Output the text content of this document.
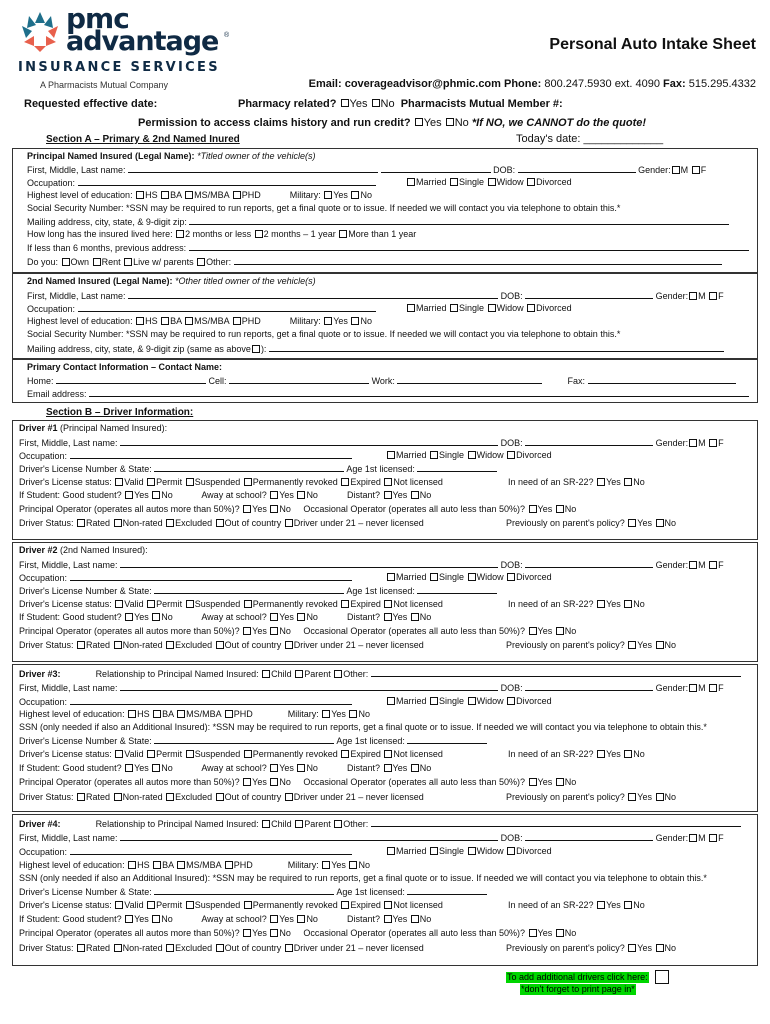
pmc
advantage ®
INSURANCE SERVICES
A Pharmacists Mutual Company
Personal Auto Intake Sheet
Email: coverageadvisor@phmic.com Phone: 800.247.5930 ext. 4090 Fax: 515.295.4332
Requested effective date:	Pharmacy related? Yes No Pharmacists Mutual Member #:
Permission to access claims history and run credit? Yes No *If NO, we CANNOT do the quote!
Section A – Primary & 2nd Named Inured	Today's date: _____________
Principal Named Insured (Legal Name): *Titled owner of the vehicle(s)
First, Middle, Last name:	DOB:	Gender: M F
Occupation:	Married Single Widow Divorced
Highest level of education: HS BA MS/MBA PHD	Military: Yes No
Social Security Number: *SSN may be required to run reports, get a final quote or to issue. If needed we will contact you via telephone to obtain this.*
Mailing address, city, state, & 9-digit zip:
How long has the insured lived here: 2 months or less 2 months – 1 year More than 1 year
If less than 6 months, previous address:
Do you: Own Rent Live w/ parents Other:
2nd Named Insured (Legal Name): *Other titled owner of the vehicle(s)
First, Middle, Last name:	DOB:	Gender: M F
Occupation:	Married Single Widow Divorced
Highest level of education: HS BA MS/MBA PHD	Military: Yes No
Social Security Number: *SSN may be required to run reports, get a final quote or to issue. If needed we will contact you via telephone to obtain this.*
Mailing address, city, state, & 9-digit zip (same as above ):
Primary Contact Information – Contact Name:
Home:	Cell:	Work:	Fax:
Email address:
Section B – Driver Information:
Driver #1 (Principal Named Insured):
First, Middle, Last name:	DOB:	Gender: M F
Occupation:	Married Single Widow Divorced
Driver's License Number & State:	Age 1st licensed:
Driver's License status: Valid Permit Suspended Permanently revoked Expired Not licensed	In need of an SR-22? Yes No
If Student: Good student? Yes No	Away at school? Yes No	Distant? Yes No
Principal Operator (operates all autos more than 50%)? Yes No Occasional Operator (operates all auto less than 50%)? Yes No
Driver Status: Rated Non-rated Excluded Out of country Driver under 21 – never licensed	Previously on parent's policy? Yes No
Driver #2 (2nd Named Insured):
First, Middle, Last name:	DOB:	Gender: M F
Occupation:	Married Single Widow Divorced
Driver's License Number & State:	Age 1st licensed:
Driver's License status: Valid Permit Suspended Permanently revoked Expired Not licensed	In need of an SR-22? Yes No
If Student: Good student? Yes No	Away at school? Yes No	Distant? Yes No
Principal Operator (operates all autos more than 50%)? Yes No Occasional Operator (operates all auto less than 50%)? Yes No
Driver Status: Rated Non-rated Excluded Out of country Driver under 21 – never licensed	Previously on parent's policy? Yes No
Driver #3:	Relationship to Principal Named Insured: Child Parent Other:
First, Middle, Last name:	DOB:	Gender: M F
Occupation:	Married Single Widow Divorced
Highest level of education: HS BA MS/MBA PHD	Military: Yes No
SSN (only needed if also an Additional Insured): *SSN may be required to run reports, get a final quote or to issue. If needed we will contact you via telephone to obtain this.*
Driver's License Number & State:	Age 1st licensed:
Driver's License status: Valid Permit Suspended Permanently revoked Expired Not licensed	In need of an SR-22? Yes No
If Student: Good student? Yes No	Away at school? Yes No	Distant? Yes No
Principal Operator (operates all autos more than 50%)? Yes No Occasional Operator (operates all auto less than 50%)? Yes No
Driver Status: Rated Non-rated Excluded Out of country Driver under 21 – never licensed	Previously on parent's policy? Yes No
Driver #4:	Relationship to Principal Named Insured: Child Parent Other:
First, Middle, Last name:	DOB:	Gender: M F
Occupation:	Married Single Widow Divorced
Highest level of education: HS BA MS/MBA PHD	Military: Yes No
SSN (only needed if also an Additional Insured): *SSN may be required to run reports, get a final quote or to issue. If needed we will contact you via telephone to obtain this.*
Driver's License Number & State:	Age 1st licensed:
Driver's License status: Valid Permit Suspended Permanently revoked Expired Not licensed	In need of an SR-22? Yes No
If Student: Good student? Yes No	Away at school? Yes No	Distant? Yes No
Principal Operator (operates all autos more than 50%)? Yes No Occasional Operator (operates all auto less than 50%)? Yes No
Driver Status: Rated Non-rated Excluded Out of country Driver under 21 – never licensed	Previously on parent's policy? Yes No
To add additional drivers click here:
*don't forget to print page in*
